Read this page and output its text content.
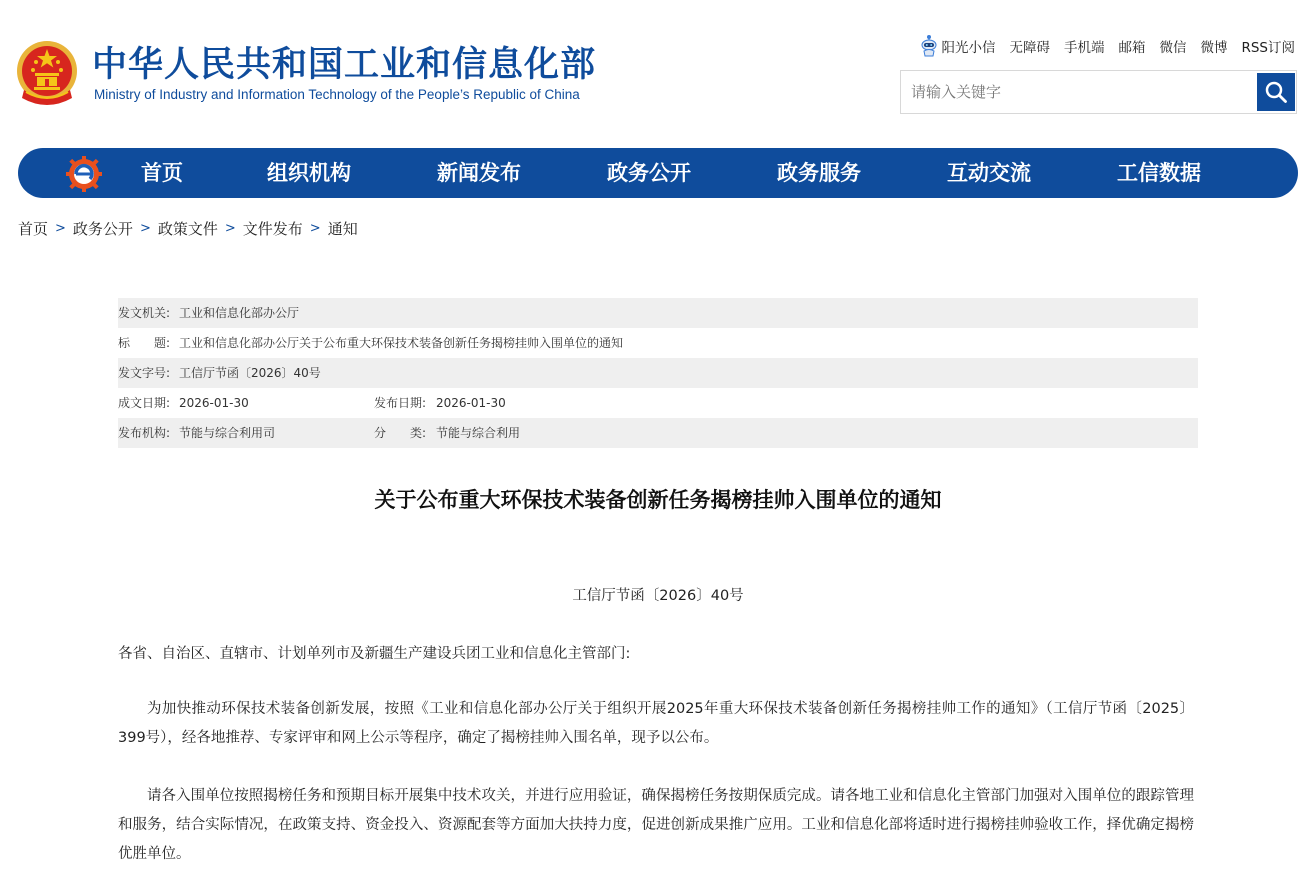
中华人民共和国工业和信息化部
Ministry of Industry and Information Technology of the People’s Republic of China
阳光小信 无障碍 手机端 邮箱 微信 微博 RSS订阅
请输入关键字
首页	组织机构	新闻发布	政务公开	政务服务	互动交流	工信数据
首页 > 政务公开 > 政策文件 > 文件发布 > 通知
发文机关: 工业和信息化部办公厅
标　　题: 工业和信息化部办公厅关于公布重大环保技术装备创新任务揭榜挂帅入围单位的通知
发文字号: 工信厅节函〔2026〕40号
成文日期: 2026-01-30	发布日期: 2026-01-30
发布机构: 节能与综合利用司	分　　类: 节能与综合利用
关于公布重大环保技术装备创新任务揭榜挂帅入围单位的通知
工信厅节函〔2026〕40号
各省、自治区、直辖市、计划单列市及新疆生产建设兵团工业和信息化主管部门:

为加快推动环保技术装备创新发展，按照《工业和信息化部办公厅关于组织开展2025年重大环保技术装备创新任务揭榜挂帅工作的通知》（工信厅节函〔2025〕399号），经各地推荐、专家评审和网上公示等程序，确定了揭榜挂帅入围名单，现予以公布。

请各入围单位按照揭榜任务和预期目标开展集中技术攻关，并进行应用验证，确保揭榜任务按期保质完成。请各地工业和信息化主管部门加强对入围单位的跟踪管理和服务，结合实际情况，在政策支持、资金投入、资源配套等方面加大扶持力度，促进创新成果推广应用。工业和信息化部将适时进行揭榜挂帅验收工作，择优确定揭榜优胜单位。
